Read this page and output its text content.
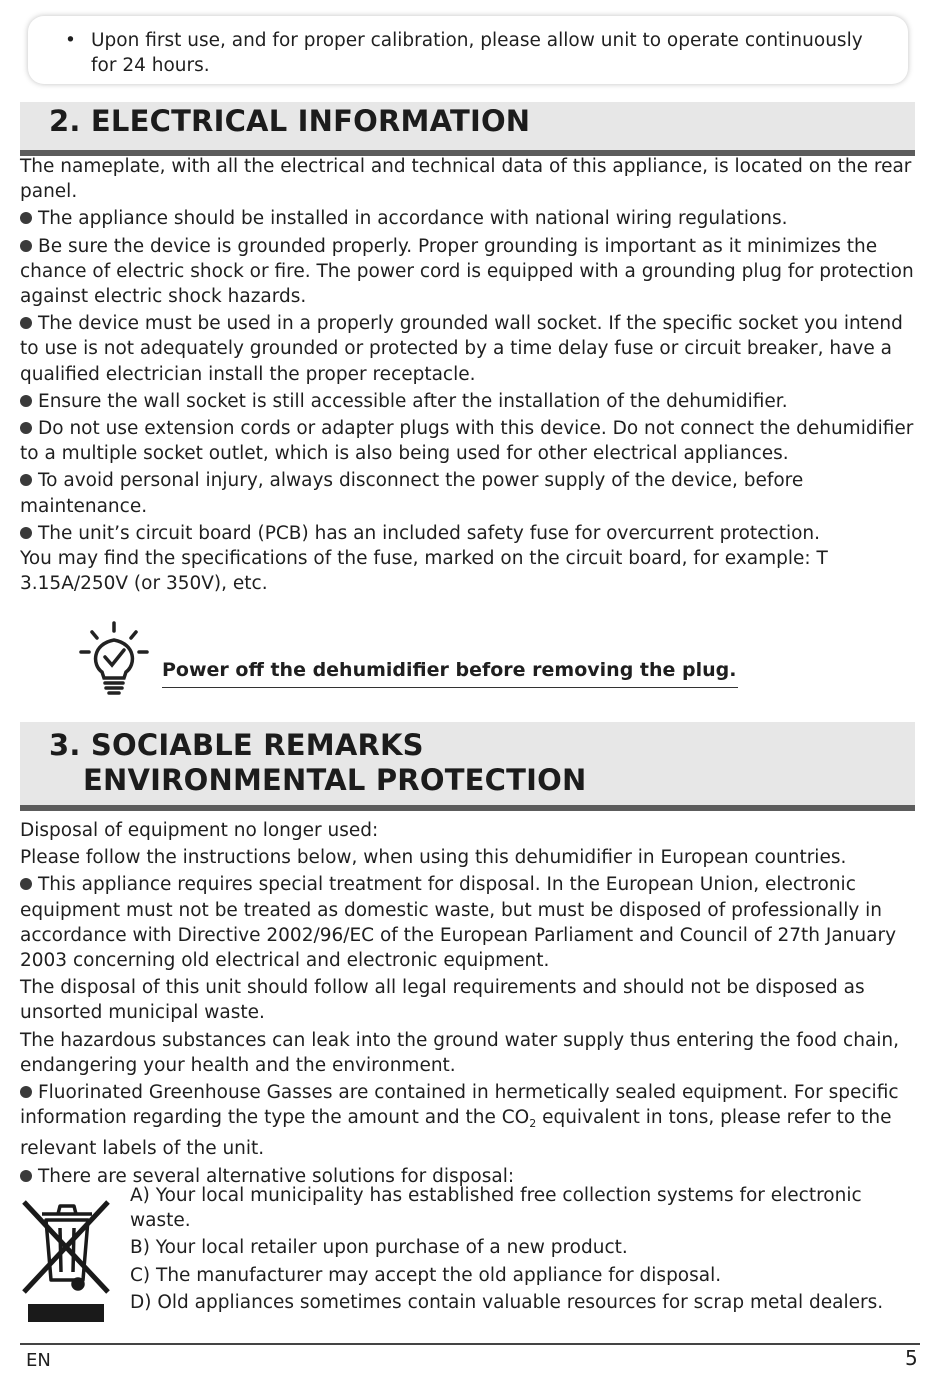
• Upon first use, and for proper calibration, please allow unit to operate continuously for 24 hours.
2. ELECTRICAL INFORMATION

The nameplate, with all the electrical and technical data of this appliance, is located on the rear panel.

The appliance should be installed in accordance with national wiring regulations.

Be sure the device is grounded properly. Proper grounding is important as it minimizes the chance of electric shock or fire. The power cord is equipped with a grounding plug for protection against electric shock hazards.

The device must be used in a properly grounded wall socket. If the specific socket you intend to use is not adequately grounded or protected by a time delay fuse or circuit breaker, have a qualified electrician install the proper receptacle.

Ensure the wall socket is still accessible after the installation of the dehumidifier.

Do not use extension cords or adapter plugs with this device. Do not connect the dehumidifier to a multiple socket outlet, which is also being used for other electrical appliances.

To avoid personal injury, always disconnect the power supply of the device, before maintenance.

The unit’s circuit board (PCB) has an included safety fuse for overcurrent protection.

You may find the specifications of the fuse, marked on the circuit board, for example: T 3.15A/250V (or 350V), etc.

Power off the dehumidifier before removing the plug.
3. SOCIABLE REMARKS
ENVIRONMENTAL PROTECTION

Disposal of equipment no longer used:

Please follow the instructions below, when using this dehumidifier in European countries.

This appliance requires special treatment for disposal. In the European Union, electronic equipment must not be treated as domestic waste, but must be disposed of professionally in accordance with Directive 2002/96/EC of the European Parliament and Council of 27th January 2003 concerning old electrical and electronic equipment.

The disposal of this unit should follow all legal requirements and should not be disposed as unsorted municipal waste.

The hazardous substances can leak into the ground water supply thus entering the food chain, endangering your health and the environment.

Fluorinated Greenhouse Gasses are contained in hermetically sealed equipment. For specific information regarding the type the amount and the $CO_2$ equivalent in tons, please refer to the relevant labels of the unit.

There are several alternative solutions for disposal:

A) Your local municipality has established free collection systems for electronic waste.

B) Your local retailer upon purchase of a new product.

C) The manufacturer may accept the old appliance for disposal.

D) Old appliances sometimes contain valuable resources for scrap metal dealers.

EN	5
